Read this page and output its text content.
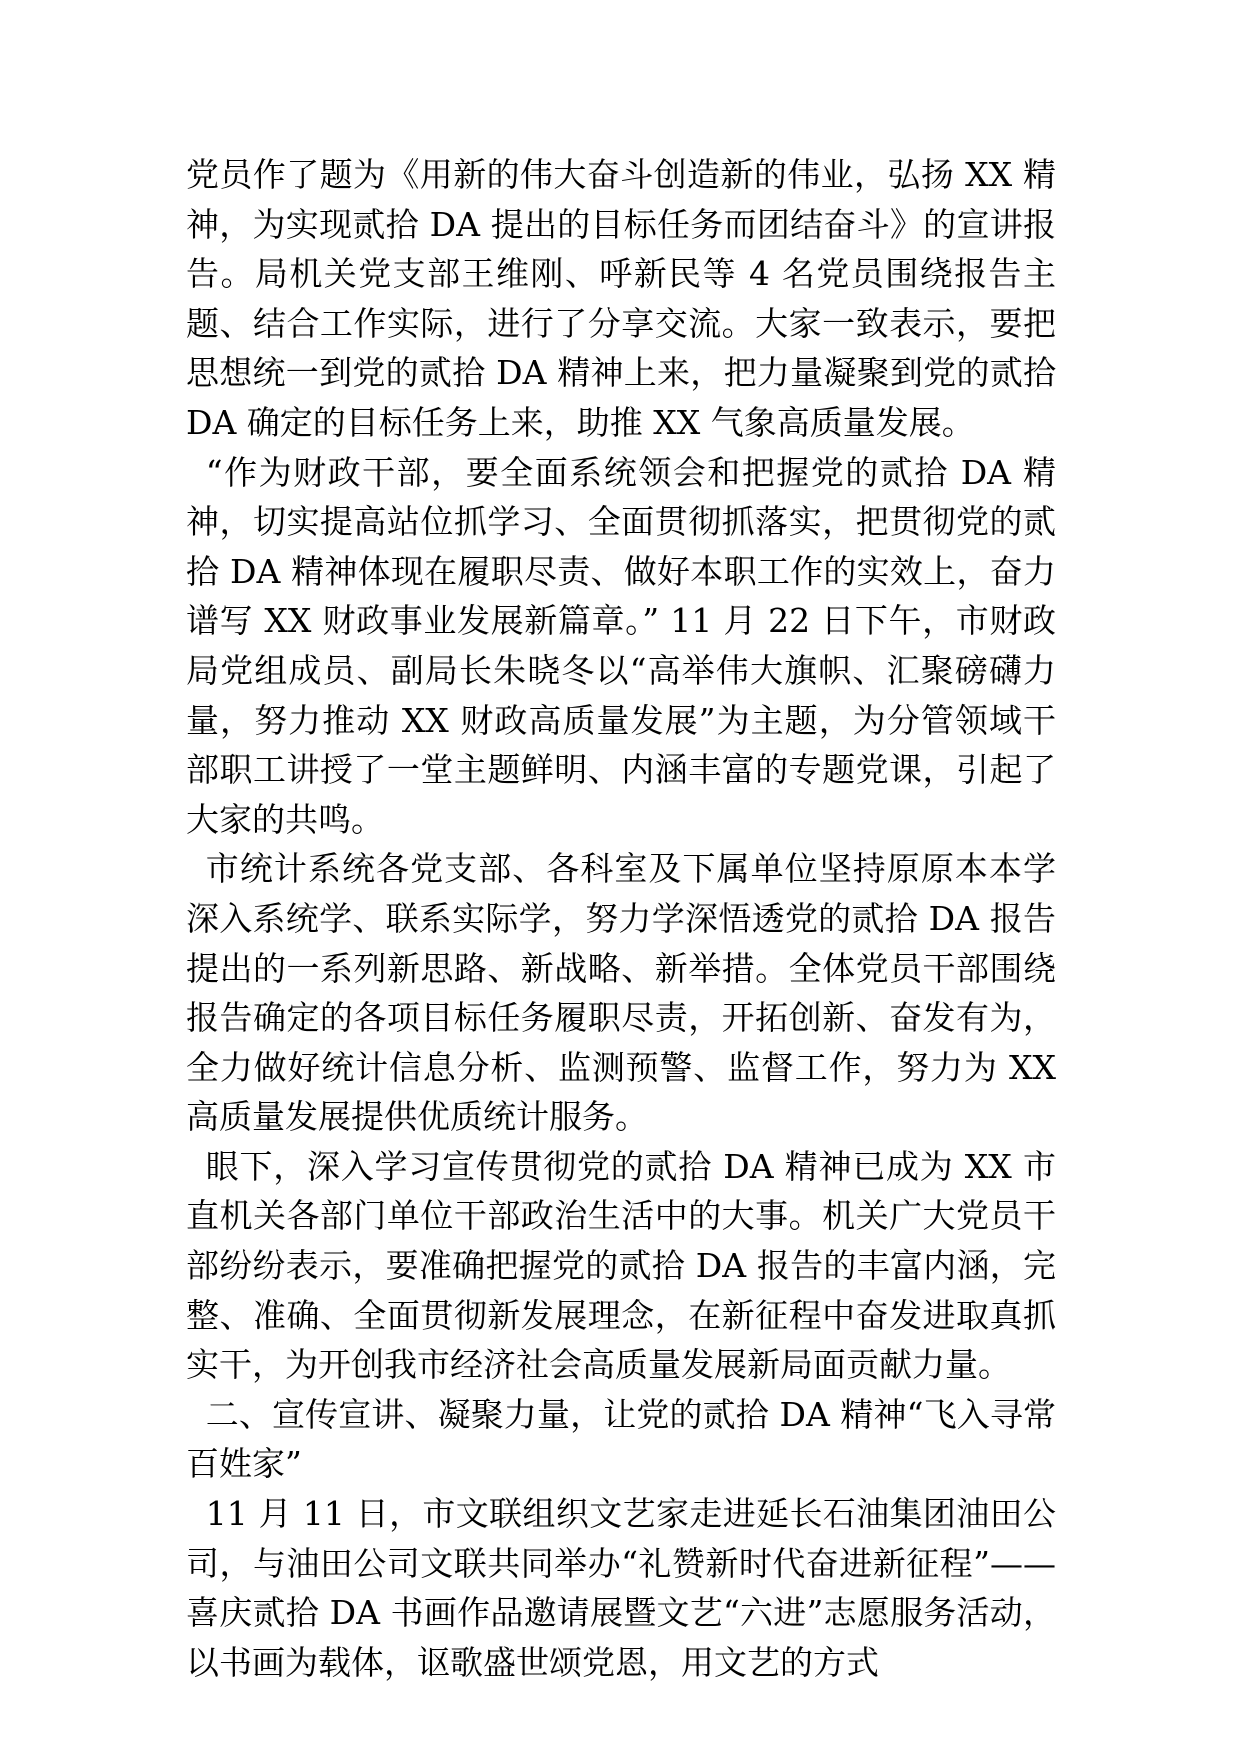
党员作了题为《用新的伟大奋斗创造新的伟业，弘扬 XX 精神，为实现贰拾 DA 提出的目标任务而团结奋斗》的宣讲报告。局机关党支部王维刚、呼新民等 4 名党员围绕报告主题、结合工作实际，进行了分享交流。大家一致表示，要把思想统一到党的贰拾 DA 精神上来，把力量凝聚到党的贰拾 DA 确定的目标任务上来，助推 XX 气象高质量发展。

“作为财政干部，要全面系统领会和把握党的贰拾 DA 精神，切实提高站位抓学习、全面贯彻抓落实，把贯彻党的贰拾 DA 精神体现在履职尽责、做好本职工作的实效上，奋力谱写 XX 财政事业发展新篇章。” 11 月 22 日下午，市财政局党组成员、副局长朱晓冬以“高举伟大旗帜、汇聚磅礴力量，努力推动 XX 财政高质量发展”为主题，为分管领域干部职工讲授了一堂主题鲜明、内涵丰富的专题党课，引起了大家的共鸣。

市统计系统各党支部、各科室及下属单位坚持原原本本学深入系统学、联系实际学，努力学深悟透党的贰拾 DA 报告提出的一系列新思路、新战略、新举措。全体党员干部围绕报告确定的各项目标任务履职尽责，开拓创新、奋发有为，全力做好统计信息分析、监测预警、监督工作，努力为 XX 高质量发展提供优质统计服务。

眼下，深入学习宣传贯彻党的贰拾 DA 精神已成为 XX 市直机关各部门单位干部政治生活中的大事。机关广大党员干部纷纷表示，要准确把握党的贰拾 DA 报告的丰富内涵，完整、准确、全面贯彻新发展理念，在新征程中奋发进取真抓实干，为开创我市经济社会高质量发展新局面贡献力量。

二、宣传宣讲、凝聚力量，让党的贰拾 DA 精神“飞入寻常百姓家”

11 月 11 日，市文联组织文艺家走进延长石油集团油田公司，与油田公司文联共同举办“礼赞新时代奋进新征程”——喜庆贰拾 DA 书画作品邀请展暨文艺“六进”志愿服务活动，以书画为载体，讴歌盛世颂党恩，用文艺的方式
